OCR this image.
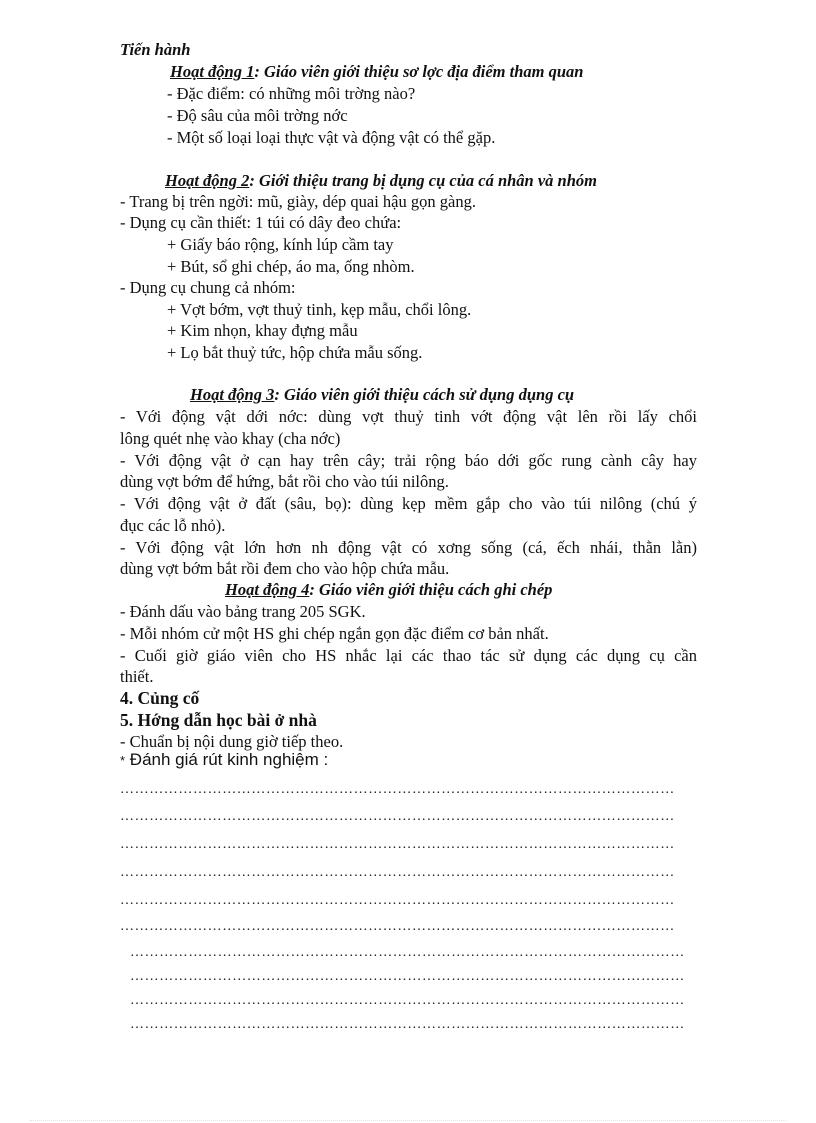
Tiến hành
Hoạt động 1: Giáo viên giới thiệu sơ lợc địa điểm tham quan
- Đặc điểm: có những môi trờng nào?
- Độ sâu của môi trờng nớc
- Một số loại loại thực vật và động vật có thể gặp.
Hoạt động 2: Giới thiệu trang bị dụng cụ của cá nhân và nhóm
- Trang bị trên ngời: mũ, giày, dép quai hậu gọn gàng.
- Dụng cụ cần thiết: 1 túi có dây đeo chứa:
+ Giấy báo rộng, kính lúp cầm tay
+ Bút, sổ ghi chép, áo ma, ống nhòm.
- Dụng cụ chung cả nhóm:
+ Vợt bớm, vợt thuỷ tinh, kẹp mẫu, chổi lông.
+ Kim nhọn, khay đựng mẫu
+ Lọ bắt thuỷ tức, hộp chứa mẫu sống.
Hoạt động 3: Giáo viên giới thiệu cách sử dụng dụng cụ
- Với động vật dới nớc: dùng vợt thuỷ tinh vớt động vật lên rồi lấy chổi
lông quét nhẹ vào khay (cha nớc)
- Với động vật ở cạn hay trên cây; trải rộng báo dới gốc rung cành cây hay
dùng vợt bớm để hứng, bắt rồi cho vào túi nilông.
- Với động vật ở đất (sâu, bọ): dùng kẹp mềm gắp cho vào túi nilông (chú ý
đục các lỗ nhỏ).
- Với động vật lớn hơn nh động vật có xơng sống (cá, ếch nhái, thằn lằn)
dùng vợt bớm bắt rồi đem cho vào hộp chứa mẫu.
Hoạt động 4: Giáo viên giới thiệu cách ghi chép
- Đánh dấu vào bảng trang 205 SGK.
- Mỗi nhóm cử một HS ghi chép ngắn gọn đặc điểm cơ bản nhất.
- Cuối giờ giáo viên cho HS nhắc lại các thao tác sử dụng các dụng cụ cần
thiết.
4. Củng cố
5. Hớng dẫn học bài ở nhà
- Chuẩn bị nội dung giờ tiếp theo.
* Đánh giá rút kinh nghiệm :
……………………………………………………………………………………………………
……………………………………………………………………………………………………
……………………………………………………………………………………………………
……………………………………………………………………………………………………
……………………………………………………………………………………………………
……………………………………………………………………………………………………
……………………………………………………………………………………………………
……………………………………………………………………………………………………
……………………………………………………………………………………………………
……………………………………………………………………………………………………
